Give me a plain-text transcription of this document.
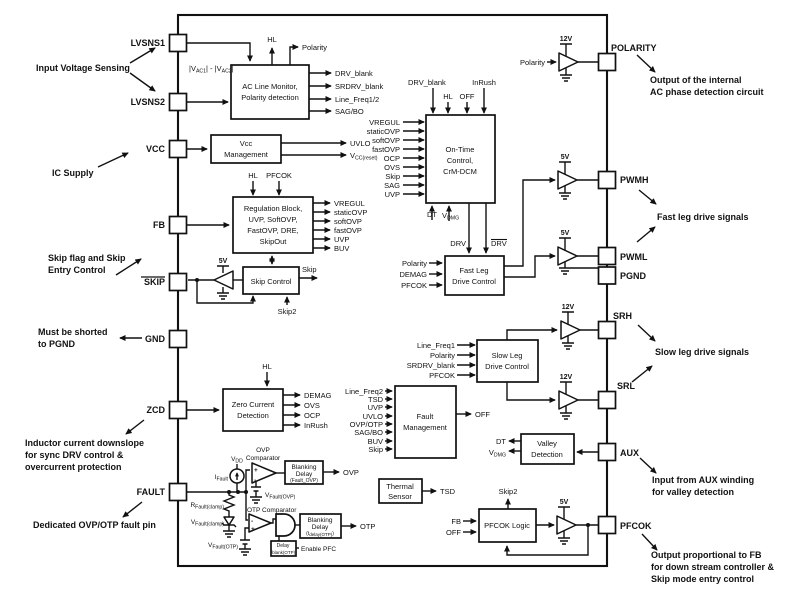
AC Line Monitor,
Polarity detection
Vcc
Management
Regulation Block,
UVP, SoftOVP,
FastOVP, DRE,
SkipOut
Skip Control
On-Time
Control,
CrM-DCM
Fast Leg
Drive Control
Slow Leg
Drive Control
Zero Current
Detection	Fault
Management
Thermal
Sensor
PFCOK Logic
Valley
Detection
Blanking
Delay
(Fault_OVP)
Blanking
Delay
(tdelay(OTP))
Delay
tblank(OTP)
LVSNS1
LVSNS2
VCC
FB
SKIP
GND
ZCD
FAULT
POLARITY
PWMH
PWML
PGND
SRH
SRL
AUX
PFCOK
HL
Polarity
$|V_{AC1}| - |V_{AC2}|$
DRV_blank
SRDRV_blank
Line_Freq1/2
SAG/BO
UVLO
$V_{CC(reset)}$
HL PFCOK
VREGUL
staticOVP
softOVP
fastOVP
UVP
BUV
5V
Skip
Skip2
DRV_blank
HL OFF
InRush
VREGUL
staticOVP
softOVP
fastOVP
OCP
OVS
Skip
SAG
UVP
DT $V_{DMG}$
DRV	DRV
Polarity
DEMAG
PFCOK
Line_Freq1
Polarity
SRDRV_blank
PFCOK
HL
DEMAG
OVS
OCP
InRush
Line_Freq2
TSD
UVP
UVLO
OVP/OTP
SAG/BO
BUV
Skip
OFF
TSD
FB
OFF
Skip2
DT
$V_{DMG}$
12V
Polarity
5V
5V
12V
12V
5V
$V_{DD}$
$I_{Fault}$
$R_{Fault(clamp)}$
$V_{Fault(clamp)}$
OVP
Comparator
+
-
$V_{Fault(OVP)}$
OTP Comparator
-
+
$V_{Fault(OTP)}$
OVP
OTP
Enable PFC
Input Voltage Sensing
IC Supply
Skip flag and Skip
Entry Control
Must be shorted
to PGND
Inductor current downslope
for sync DRV control &
overcurrent protection
Dedicated OVP/OTP fault pin
Output of the internal
AC phase detection circuit
Fast leg drive signals
Slow leg drive signals
Input from AUX winding
for valley detection
Output proportional to FB
for down stream controller &
Skip mode entry control
